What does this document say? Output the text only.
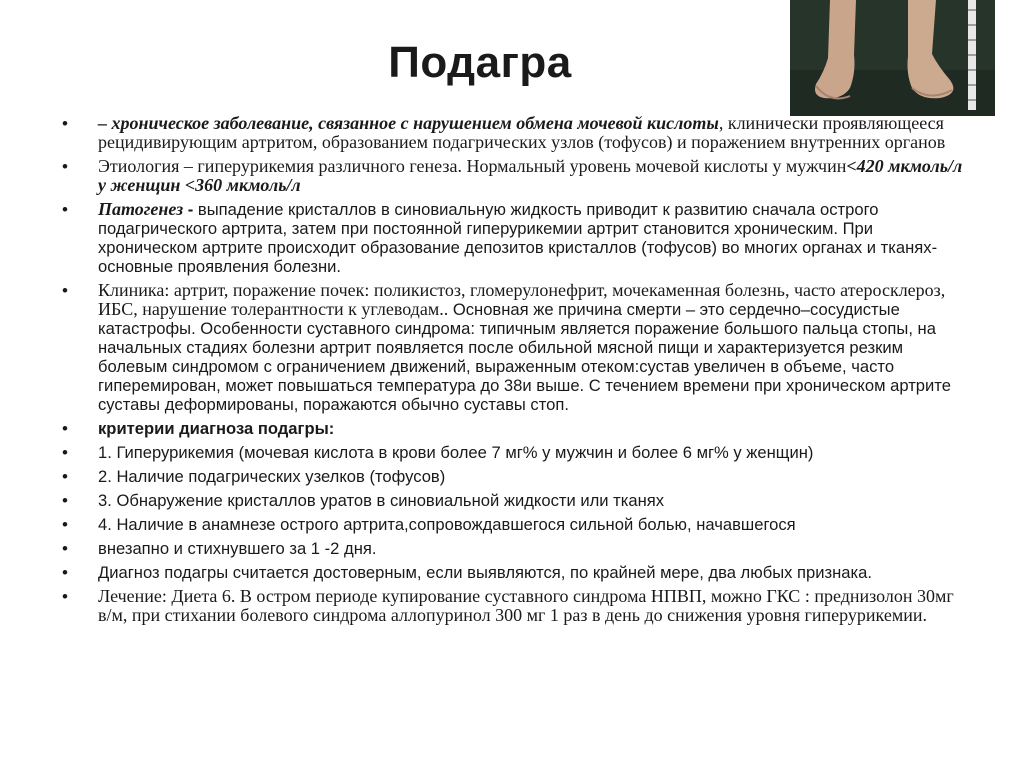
Подагра
• – хроническое заболевание, связанное с нарушением обмена мочевой кислоты, клинически проявляющееся рецидивирующим артритом, образованием подагрических узлов (тофусов) и поражением внутренних органов
• Этиология – гиперурикемия различного генеза. Нормальный уровень мочевой кислоты у мужчин<420 мкмоль/л у женщин <360 мкмоль/л
• Патогенез - выпадение кристаллов в синовиальную жидкость приводит к развитию сначала острого подагрического артрита, затем при постоянной гиперурикемии артрит становится хроническим. При хроническом артрите происходит образование депозитов кристаллов (тофусов) во многих органах и тканях- основные проявления болезни.
• Клиника: артрит, поражение почек: поликистоз, гломерулонефрит, мочекаменная болезнь, часто атеросклероз, ИБС, нарушение толерантности к углеводам.. Основная же причина смерти – это сердечно–сосудистые катастрофы. Особенности суставного синдрома: типичным является поражение большого пальца стопы, на начальных стадиях болезни артрит появляется после обильной мясной пищи и характеризуется резким болевым синдромом с ограничением движений, выраженным отеком:сустав увеличен в объеме, часто гиперемирован, может повышаться температура до 38и выше. С течением времени при хроническом артрите суставы деформированы, поражаются обычно суставы стоп.
• критерии диагноза подагры:
• 1. Гиперурикемия (мочевая кислота в крови более 7 мг% у мужчин и более 6 мг% у женщин)
• 2. Наличие подагрических узелков (тофусов)
• 3. Обнаружение кристаллов уратов в синовиальной жидкости или тканях
• 4. Наличие в анамнезе острого артрита,сопровождавшегося сильной болью, начавшегося
• внезапно и стихнувшего за 1 -2 дня.
• Диагноз подагры считается достоверным, если выявляются, по крайней мере, два любых признака.
• Лечение: Диета 6. В остром периоде купирование суставного синдрома НПВП, можно ГКС : преднизолон 30мг в/м, при стихании болевого синдрома аллопуринол 300 мг 1 раз в день до снижения уровня гиперурикемии.
